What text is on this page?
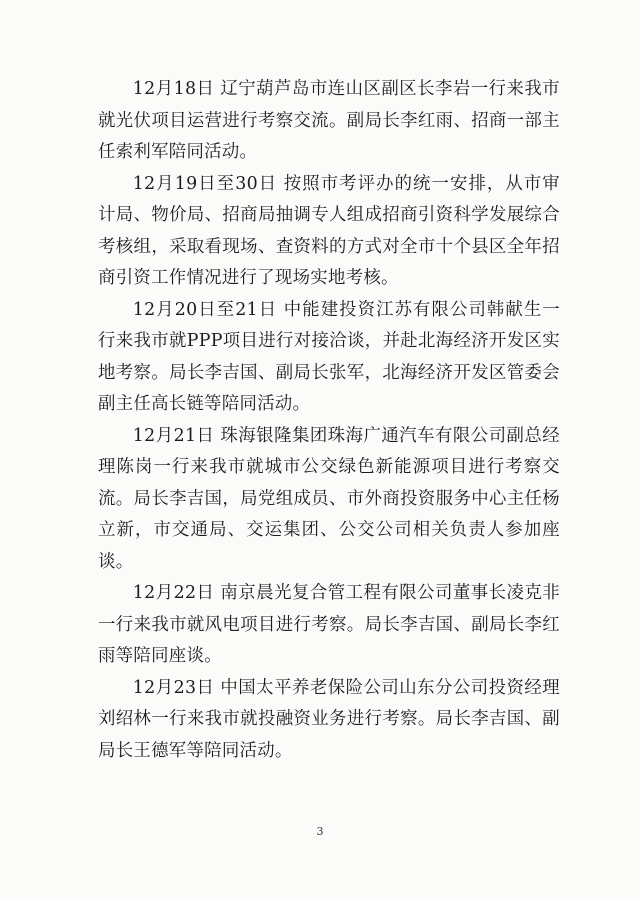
12月18日 辽宁葫芦岛市连山区副区长李岩一行来我市就光伏项目运营进行考察交流。副局长李红雨、招商一部主任索利军陪同活动。

12月19日至30日 按照市考评办的统一安排，从市审计局、物价局、招商局抽调专人组成招商引资科学发展综合考核组，采取看现场、查资料的方式对全市十个县区全年招商引资工作情况进行了现场实地考核。

12月20日至21日 中能建投资江苏有限公司韩献生一行来我市就PPP项目进行对接洽谈，并赴北海经济开发区实地考察。局长李吉国、副局长张军，北海经济开发区管委会副主任高长链等陪同活动。

12月21日 珠海银隆集团珠海广通汽车有限公司副总经理陈岗一行来我市就城市公交绿色新能源项目进行考察交流。局长李吉国，局党组成员、市外商投资服务中心主任杨立新，市交通局、交运集团、公交公司相关负责人参加座谈。

12月22日 南京晨光复合管工程有限公司董事长凌克非一行来我市就风电项目进行考察。局长李吉国、副局长李红雨等陪同座谈。

12月23日 中国太平养老保险公司山东分公司投资经理刘绍林一行来我市就投融资业务进行考察。局长李吉国、副局长王德军等陪同活动。

3
